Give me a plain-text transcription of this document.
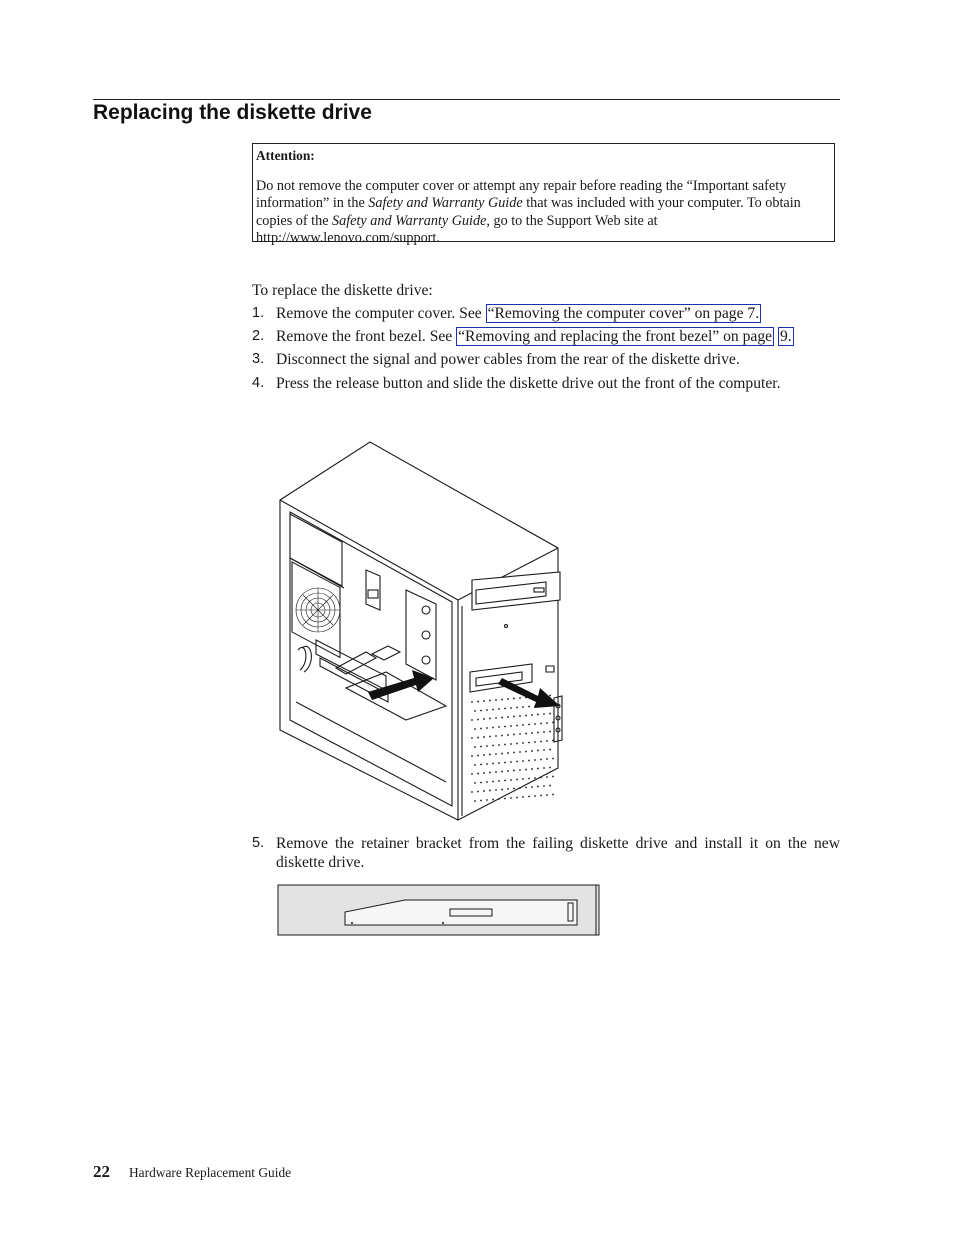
Replacing the diskette drive
Attention:
Do not remove the computer cover or attempt any repair before reading the “Important safety information” in the Safety and Warranty Guide that was included with your computer. To obtain copies of the Safety and Warranty Guide, go to the Support Web site at http://www.lenovo.com/support.
To replace the diskette drive:
1. Remove the computer cover. See “Removing the computer cover” on page 7.
2. Remove the front bezel. See “Removing and replacing the front bezel” on page 9.
3. Disconnect the signal and power cables from the rear of the diskette drive.
4. Press the release button and slide the diskette drive out the front of the computer.
5. Remove the retainer bracket from the failing diskette drive and install it on the new diskette drive.
22 Hardware Replacement Guide
